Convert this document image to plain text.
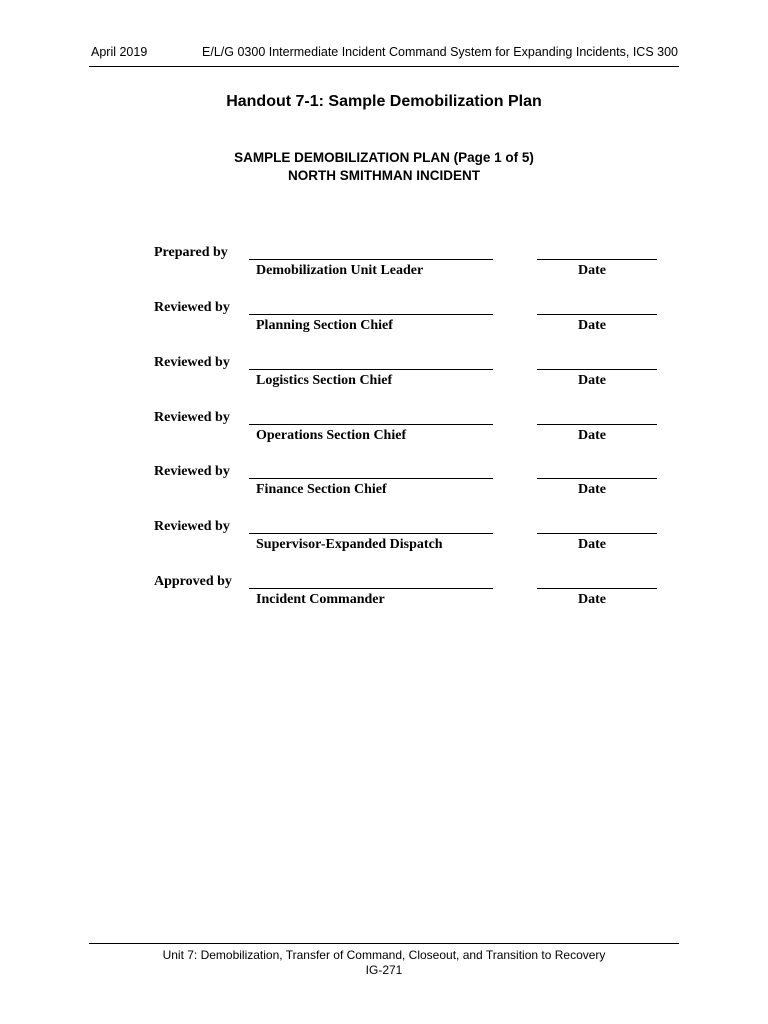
April 2019	E/L/G 0300 Intermediate Incident Command System for Expanding Incidents, ICS 300
Handout 7-1: Sample Demobilization Plan
SAMPLE DEMOBILIZATION PLAN (Page 1 of 5)
NORTH SMITHMAN INCIDENT
Prepared by
Demobilization Unit Leader	Date
Reviewed by
Planning Section Chief	Date
Reviewed by
Logistics Section Chief	Date
Reviewed by
Operations Section Chief	Date
Reviewed by
Finance Section Chief	Date
Reviewed by
Supervisor-Expanded Dispatch	Date
Approved by
Incident Commander	Date
Unit 7: Demobilization, Transfer of Command, Closeout, and Transition to Recovery
IG-271
